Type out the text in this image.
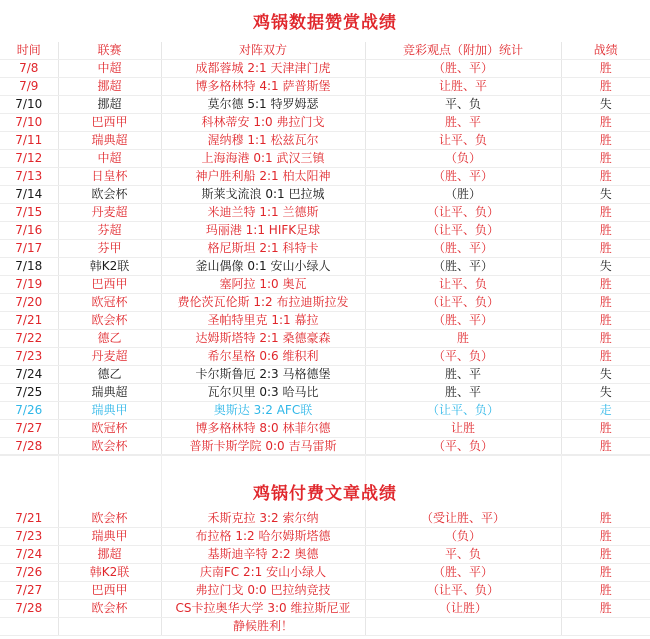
鸡锅数据赞赏战绩
时间	联赛	对阵双方	竞彩观点（附加）统计	战绩
7/8	中超	成都蓉城 2:1 天津津门虎	（胜、平）	胜
7/9	挪超	博多格林特 4:1 萨普斯堡	让胜、平	胜
7/10	挪超	莫尔德 5:1 特罗姆瑟	平、负	失
7/10	巴西甲	科林蒂安 1:0 弗拉门戈	胜、平	胜
7/11	瑞典超	渥纳穆 1:1 松兹瓦尔	让平、负	胜
7/12	中超	上海海港 0:1 武汉三镇	（负）	胜
7/13	日皇杯	神户胜利船 2:1 柏太阳神	（胜、平）	胜
7/14	欧会杯	斯莱戈流浪 0:1 巴拉城	（胜）	失
7/15	丹麦超	米迪兰特 1:1 兰德斯	（让平、负）	胜
7/16	芬超	玛丽港 1:1 HIFK足球	（让平、负）	胜
7/17	芬甲	格尼斯坦 2:1 科特卡	（胜、平）	胜
7/18	韩K2联	釜山偶像 0:1 安山小绿人	（胜、平）	失
7/19	巴西甲	塞阿拉 1:0 奥瓦	让平、负	胜
7/20	欧冠杯	费伦茨瓦伦斯 1:2 布拉迪斯拉发	（让平、负）	胜
7/21	欧会杯	圣帕特里克 1:1 幕拉	（胜、平）	胜
7/22	德乙	达姆斯塔特 2:1 桑德豪森	胜	胜
7/23	丹麦超	希尔星格 0:6 维积利	（平、负）	胜
7/24	德乙	卡尔斯鲁厄 2:3 马格德堡	胜、平	失
7/25	瑞典超	瓦尔贝里 0:3 哈马比	胜、平	失
7/26	瑞典甲	奥斯达 3:2 AFC联	（让平、负）	走
7/27	欧冠杯	博多格林特 8:0 林菲尔德	让胜	胜
7/28	欧会杯	普斯卡斯学院 0:0 吉马雷斯	（平、负）	胜
鸡锅付费文章战绩
7/21	欧会杯	禾斯克拉 3:2 索尔纳	（受让胜、平）	胜
7/23	瑞典甲	布拉格 1:2 哈尔姆斯塔德	（负）	胜
7/24	挪超	基斯迪辛特 2:2 奥德	平、负	胜
7/26	韩K2联	庆南FC 2:1 安山小绿人	（胜、平）	胜
7/27	巴西甲	弗拉门戈 0:0 巴拉纳竞技	（让平、负）	胜
7/28	欧会杯	CS卡拉奥华大学 3:0 维拉斯尼亚	（让胜）	胜
		静候胜利！		
